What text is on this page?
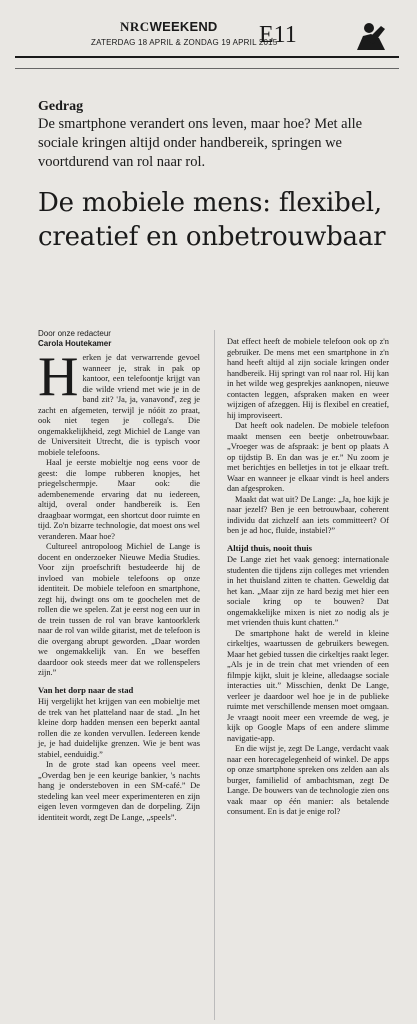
NRCWEEKEND
ZATERDAG 18 APRIL & ZONDAG 19 APRIL 2015
E11
Gedrag
De smartphone verandert ons leven, maar hoe? Met alle sociale kringen altijd onder handbereik, springen we voortdurend van rol naar rol.
De mobiele mens: flexibel, creatief en onbetrouwbaar
Door onze redacteur
Carola Houtekamer
H erken je dat verwarrende gevoel wanneer je, strak in pak op kantoor, een telefoontje krijgt van die wilde vriend met wie je in de band zit? 'Ja, ja, vanavond', zeg je zacht en afgemeten, terwijl je nóóit zo praat, ook niet tegen je collega's. Die ongemakkelijkheid, zegt Michiel de Lange van de Universiteit Utrecht, die is typisch voor mobiele telefoons.

Haal je eerste mobieltje nog eens voor de geest: die lompe rubberen knopjes, het priegelschermpje. Maar ook: die adembenemende ervaring dat nu iedereen, altijd, overal onder handbereik is. Een draagbaar wormgat, een shortcut door ruimte en tijd. Zo'n bizarre technologie, dat moest ons wel veranderen. Maar hoe?

Cultureel antropoloog Michiel de Lange is docent en onderzoeker Nieuwe Media Studies. Voor zijn proefschrift bestudeerde hij de invloed van mobiele telefoons op onze identiteit. De mobiele telefoon en smartphone, zegt hij, dwingt ons om te goochelen met de rollen die we spelen. Zat je eerst nog een uur in de trein tussen de rol van brave kantoorklerk naar de rol van wilde gitarist, met de telefoon is die overgang abrupt geworden. „Daar worden we ongemakkelijk van. En we beseffen daardoor ook steeds meer dat we rollenspelers zijn.”

Van het dorp naar de stad

Hij vergelijkt het krijgen van een mobieltje met de trek van het platteland naar de stad. „In het kleine dorp hadden mensen een beperkt aantal rollen die ze konden vervullen. Iedereen kende je, je had duidelijke grenzen. Wie je bent was stabiel, eenduidig.”

In de grote stad kan opeens veel meer. „Overdag ben je een keurige bankier, 's nachts hang je ondersteboven in een SM-café.” De stedeling kan veel meer experimenteren en zijn eigen leven vormgeven dan de dorpeling. Zijn identiteit wordt, zegt De Lange, „speels”.

Dat effect heeft de mobiele telefoon ook op z'n gebruiker. De mens met een smartphone in z'n hand heeft altijd al zijn sociale kringen onder handbereik. Hij springt van rol naar rol. Hij kan in het wilde weg gesprekjes aanknopen, nieuwe contacten leggen, afspraken maken en weer wijzigen of afzeggen. Hij is flexibel en creatief, hij improviseert.

Dat heeft ook nadelen. De mobiele telefoon maakt mensen een beetje onbetrouwbaar. „Vroeger was de afspraak: je bent op plaats A op tijdstip B. En dan was je er.” Nu zoom je met berichtjes en belletjes in tot je elkaar treft. Waar en wanneer je elkaar vindt is heel anders dan afgesproken.

Maakt dat wat uit? De Lange: „Ja, hoe kijk je naar jezelf? Ben je een betrouwbaar, coherent individu dat zichzelf aan iets committeert? Of ben je ad hoc, fluïde, instabiel?”

Altijd thuis, nooit thuis

De Lange ziet het vaak genoeg: internationale studenten die tijdens zijn colleges met vrienden in het thuisland zitten te chatten. Geweldig dat het kan. „Maar zijn ze hard bezig met hier een sociale kring op te bouwen? Dat ongemakkelijke mixen is niet zo nodig als je met vrienden thuis kunt chatten.”

De smartphone hakt de wereld in kleine cirkeltjes, waartussen de gebruikers bewegen. Maar het gebied tussen die cirkeltjes raakt leger. „Als je in de trein chat met vrienden of een filmpje kijkt, sluit je kleine, alledaagse sociale interacties uit.” Misschien, denkt De Lange, verleer je daardoor wel hoe je in de publieke ruimte met verschillende mensen moet omgaan. Je vraagt nooit meer een vreemde de weg, je kijk op Google Maps of een andere slimme navigatie-app.

En die wijst je, zegt De Lange, verdacht vaak naar een horecagelegenheid of winkel. De apps op onze smartphone spreken ons zelden aan als burger, familielid of ambachtsman, zegt De Lange. De bouwers van de technologie zien ons vaak maar op één manier: als betalende consument. En is dat je enige rol?
